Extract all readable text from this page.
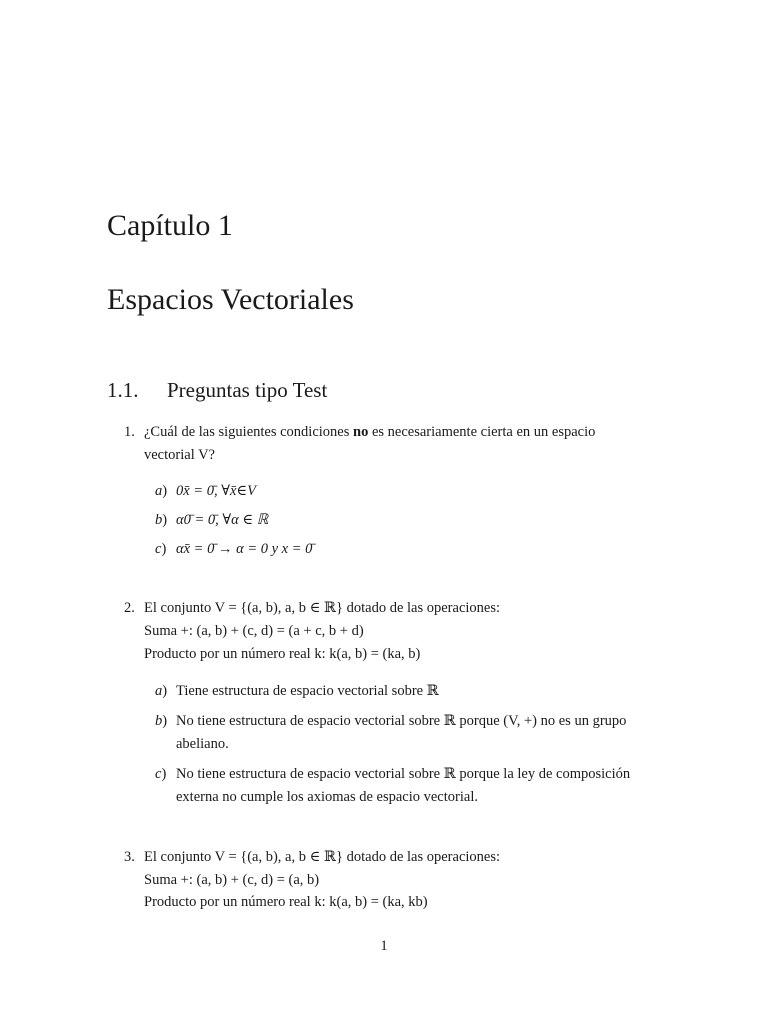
Capítulo 1
Espacios Vectoriales
1.1. Preguntas tipo Test
1. ¿Cuál de las siguientes condiciones no es necesariamente cierta en un espacio
vectorial V?
a) 0x̄ = 0̄, ∀x̄∈V
b) α0̄ = 0̄, ∀α ∈ ℝ
c) αx̄ = 0̄ → α = 0 y x = 0̄
2. El conjunto V = {(a, b), a, b ∈ ℝ} dotado de las operaciones:
Suma +: (a, b) + (c, d) = (a + c, b + d)
Producto por un número real k: k(a, b) = (ka, b)
a) Tiene estructura de espacio vectorial sobre ℝ
b) No tiene estructura de espacio vectorial sobre ℝ porque (V, +) no es un grupo
abeliano.
c) No tiene estructura de espacio vectorial sobre ℝ porque la ley de composición
externa no cumple los axiomas de espacio vectorial.
3. El conjunto V = {(a, b), a, b ∈ ℝ} dotado de las operaciones:
Suma +: (a, b) + (c, d) = (a, b)
Producto por un número real k: k(a, b) = (ka, kb)
1
